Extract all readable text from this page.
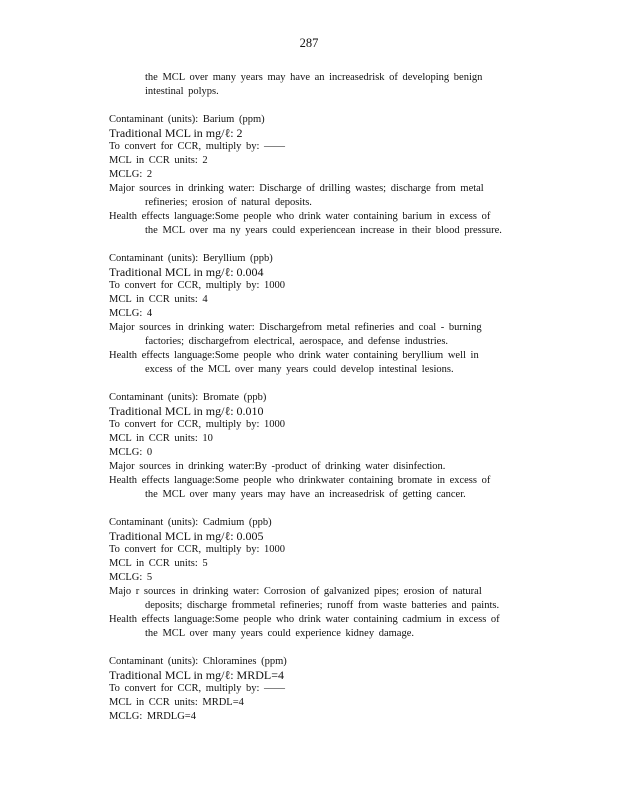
287
the MCL over many years may have an increasedrisk of developing benign
intestinal polyps.
Contaminant (units): Barium (ppm)
Traditional MCL in mg/ℓ: 2
To convert for CCR, multiply by: ——
MCL in CCR units: 2
MCLG: 2
Major sources in drinking water: Discharge of drilling wastes; discharge from metal
refineries; erosion of natural deposits.
Health effects language:Some people who drink water containing barium in excess of
the MCL over ma ny years could experiencean increase in their blood pressure.
Contaminant (units): Beryllium (ppb)
Traditional MCL in mg/ℓ: 0.004
To convert for CCR, multiply by: 1000
MCL in CCR units: 4
MCLG: 4
Major sources in drinking water: Dischargefrom metal refineries and coal - burning
factories; dischargefrom electrical, aerospace, and defense industries.
Health effects language:Some people who drink water containing beryllium well in
excess of the MCL over many years could develop intestinal lesions.
Contaminant (units): Bromate (ppb)
Traditional MCL in mg/ℓ: 0.010
To convert for CCR, multiply by: 1000
MCL in CCR units: 10
MCLG: 0
Major sources in drinking water:By -product of drinking water disinfection.
Health effects language:Some people who drinkwater containing bromate in excess of
the MCL over many years may have an increasedrisk of getting cancer.
Contaminant (units): Cadmium (ppb)
Traditional MCL in mg/ℓ: 0.005
To convert for CCR, multiply by: 1000
MCL in CCR units: 5
MCLG: 5
Majo r sources in drinking water: Corrosion of galvanized pipes; erosion of natural
deposits; discharge frommetal refineries; runoff from waste batteries and paints.
Health effects language:Some people who drink water containing cadmium in excess of
the MCL over many years could experience kidney damage.
Contaminant (units): Chloramines (ppm)
Traditional MCL in mg/ℓ: MRDL=4
To convert for CCR, multiply by: ——
MCL in CCR units: MRDL=4
MCLG: MRDLG=4
